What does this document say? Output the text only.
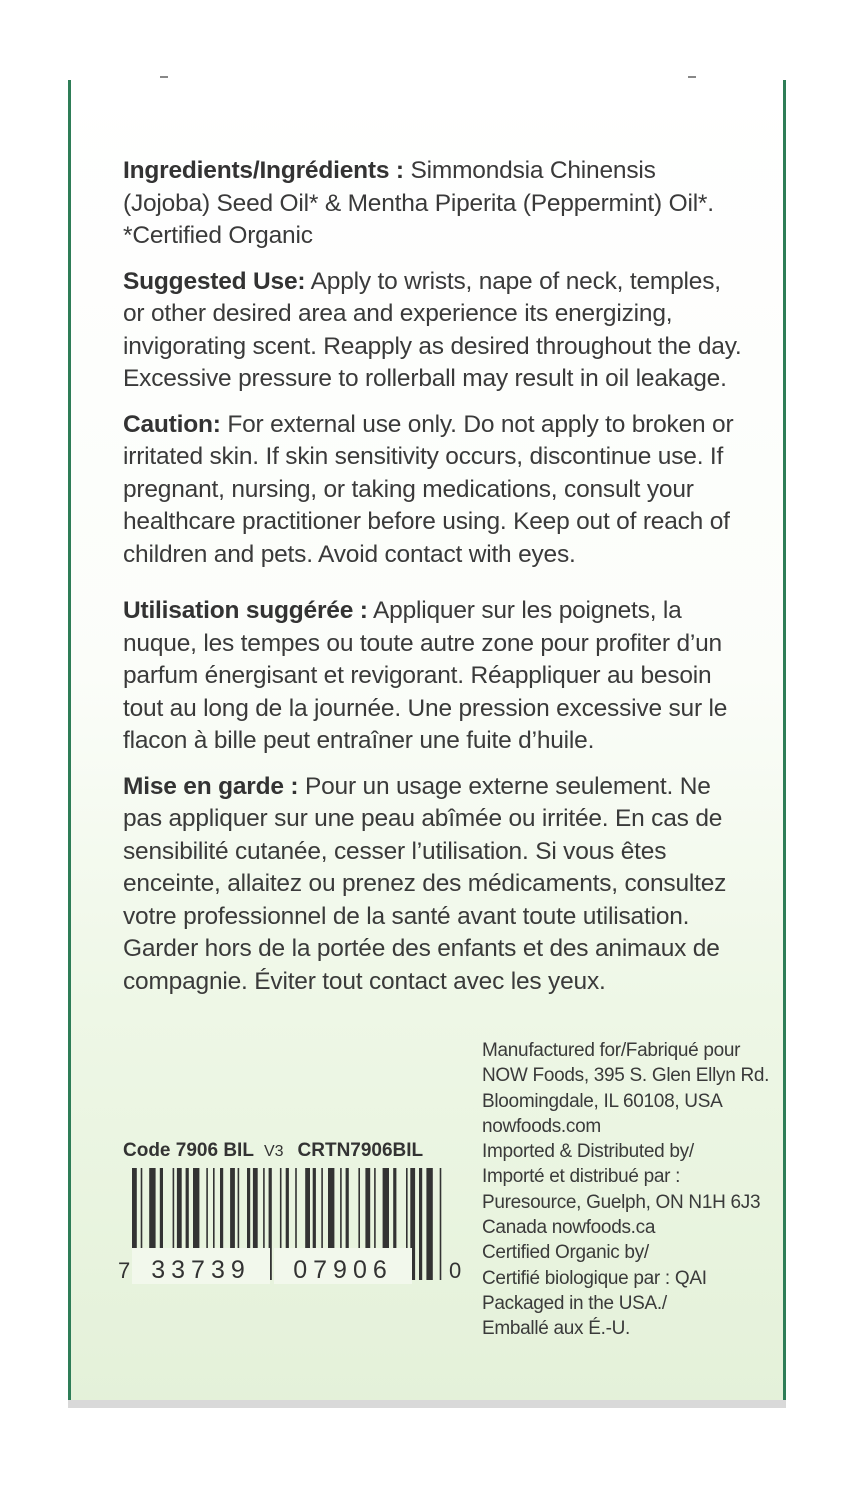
Ingredients/Ingrédients : Simmondsia Chinensis (Jojoba) Seed Oil* & Mentha Piperita (Peppermint) Oil*. *Certified Organic

Suggested Use: Apply to wrists, nape of neck, temples, or other desired area and experience its energizing, invigorating scent. Reapply as desired throughout the day. Excessive pressure to rollerball may result in oil leakage.

Caution: For external use only. Do not apply to broken or irritated skin. If skin sensitivity occurs, discontinue use. If pregnant, nursing, or taking medications, consult your healthcare practitioner before using. Keep out of reach of children and pets. Avoid contact with eyes.

Utilisation suggérée : Appliquer sur les poignets, la nuque, les tempes ou toute autre zone pour profiter d’un parfum énergisant et revigorant. Réappliquer au besoin tout au long de la journée. Une pression excessive sur le flacon à bille peut entraîner une fuite d’huile.

Mise en garde : Pour un usage externe seulement. Ne pas appliquer sur une peau abîmée ou irritée. En cas de sensibilité cutanée, cesser l’utilisation. Si vous êtes enceinte, allaitez ou prenez des médicaments, consultez votre professionnel de la santé avant toute utilisation. Garder hors de la portée des enfants et des animaux de compagnie. Éviter tout contact avec les yeux.

Code 7906 BIL V3 CRTN7906BIL
7 33739 07906	0
Manufactured for/Fabriqué pour
NOW Foods, 395 S. Glen Ellyn Rd.
Bloomingdale, IL 60108, USA
nowfoods.com
Imported & Distributed by/
Importé et distribué par :
Puresource, Guelph, ON N1H 6J3
Canada nowfoods.ca
Certified Organic by/
Certifié biologique par : QAI
Packaged in the USA./
Emballé aux É.-U.
